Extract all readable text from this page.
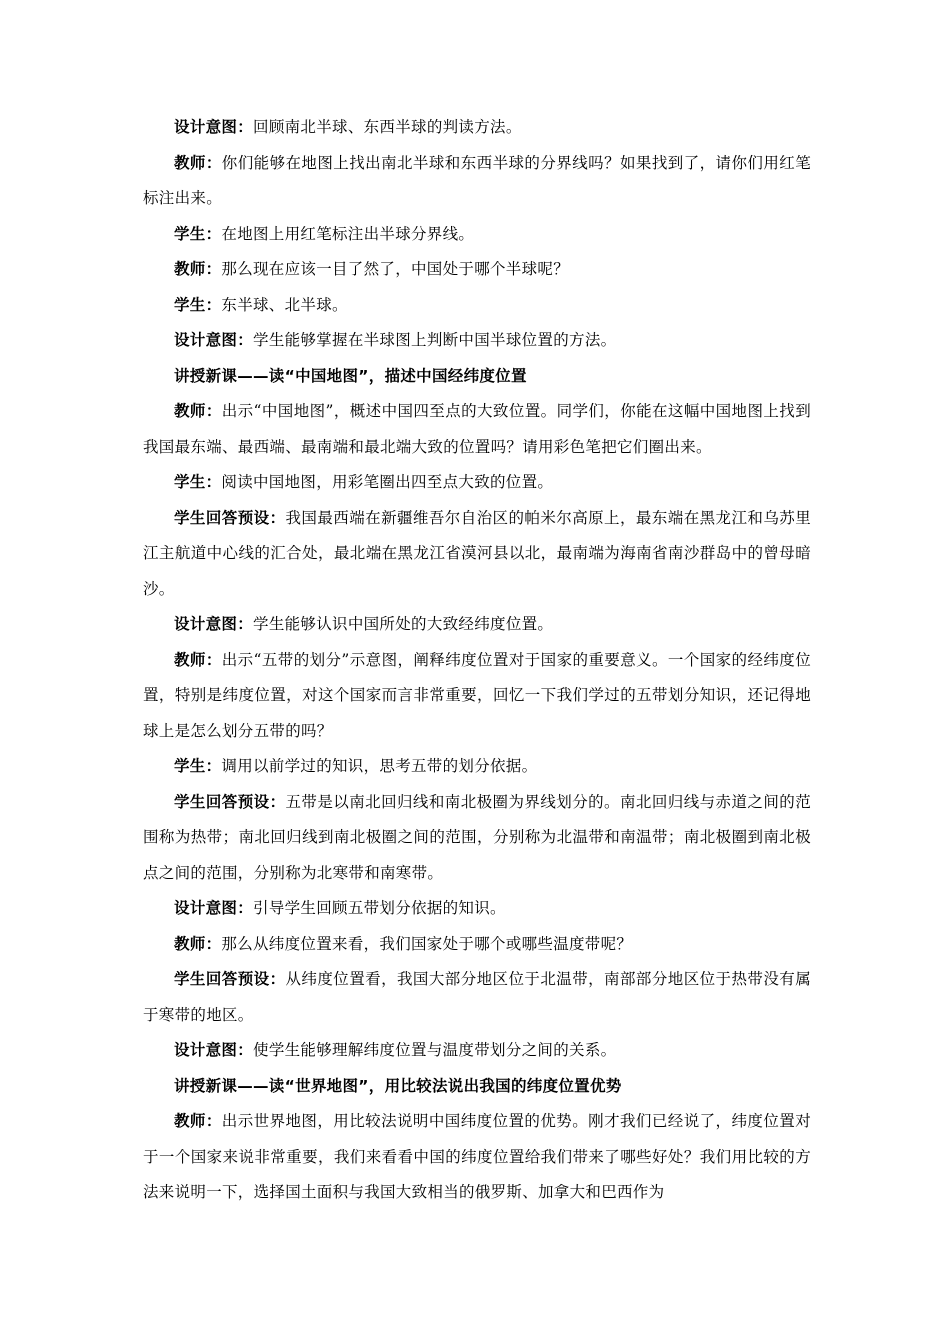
设计意图：回顾南北半球、东西半球的判读方法。

教师：你们能够在地图上找出南北半球和东西半球的分界线吗？如果找到了，请你们用红笔标注出来。

学生：在地图上用红笔标注出半球分界线。

教师：那么现在应该一目了然了，中国处于哪个半球呢？

学生：东半球、北半球。

设计意图：学生能够掌握在半球图上判断中国半球位置的方法。

讲授新课——读“中国地图”，描述中国经纬度位置

教师：出示“中国地图”，概述中国四至点的大致位置。同学们，你能在这幅中国地图上找到我国最东端、最西端、最南端和最北端大致的位置吗？请用彩色笔把它们圈出来。

学生：阅读中国地图，用彩笔圈出四至点大致的位置。

学生回答预设：我国最西端在新疆维吾尔自治区的帕米尔高原上，最东端在黑龙江和乌苏里江主航道中心线的汇合处，最北端在黑龙江省漠河县以北，最南端为海南省南沙群岛中的曾母暗沙。

设计意图：学生能够认识中国所处的大致经纬度位置。

教师：出示“五带的划分”示意图，阐释纬度位置对于国家的重要意义。一个国家的经纬度位置，特别是纬度位置，对这个国家而言非常重要，回忆一下我们学过的五带划分知识，还记得地球上是怎么划分五带的吗？

学生：调用以前学过的知识，思考五带的划分依据。

学生回答预设：五带是以南北回归线和南北极圈为界线划分的。南北回归线与赤道之间的范围称为热带；南北回归线到南北极圈之间的范围，分别称为北温带和南温带；南北极圈到南北极点之间的范围，分别称为北寒带和南寒带。

设计意图：引导学生回顾五带划分依据的知识。

教师：那么从纬度位置来看，我们国家处于哪个或哪些温度带呢？

学生回答预设：从纬度位置看，我国大部分地区位于北温带，南部部分地区位于热带没有属于寒带的地区。

设计意图：使学生能够理解纬度位置与温度带划分之间的关系。

讲授新课——读“世界地图”，用比较法说出我国的纬度位置优势

教师：出示世界地图，用比较法说明中国纬度位置的优势。刚才我们已经说了，纬度位置对于一个国家来说非常重要，我们来看看中国的纬度位置给我们带来了哪些好处？我们用比较的方法来说明一下，选择国土面积与我国大致相当的俄罗斯、加拿大和巴西作为
